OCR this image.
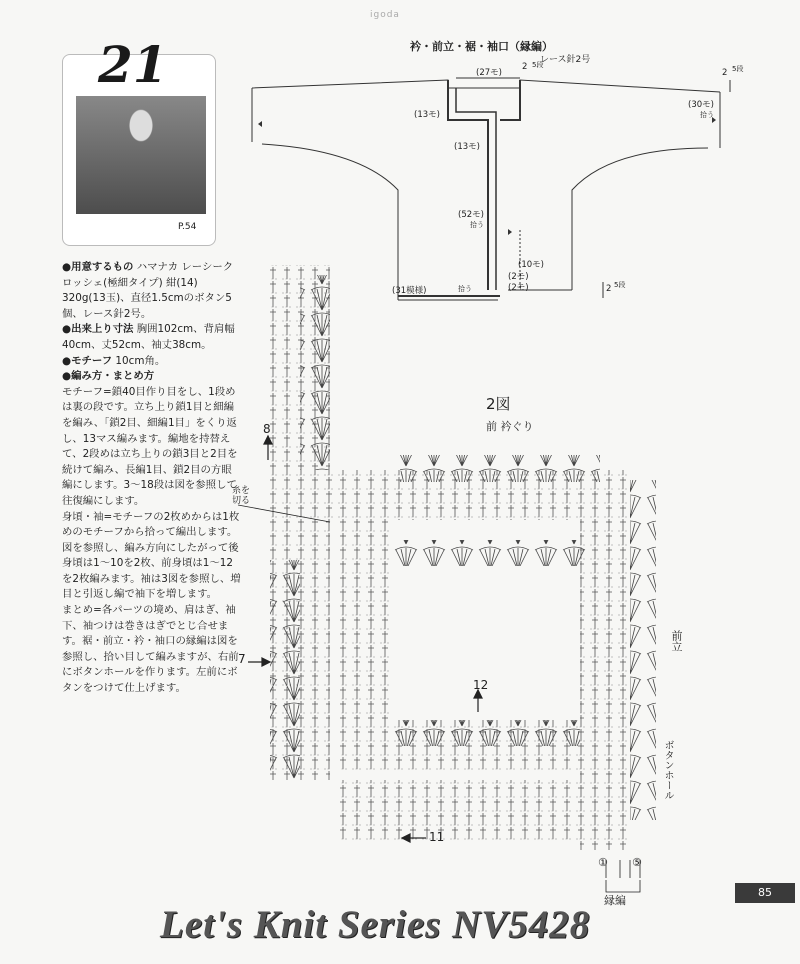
igoda
21
P.54

●用意するもの ハマナカ レーシークロッシェ(極細タイプ) 紺(14) 320g(13玉)、直径1.5cmのボタン5個、レース針2号。

●出来上り寸法 胸囲102cm、背肩幅40cm、丈52cm、袖丈38cm。

●モチーフ 10cm角。

●編み方・まとめ方

モチーフ=鎖40目作り目をし、1段めは裏の段です。立ち上り鎖1目と細編を編み、「鎖2目、細編1目」をくり返し、13マス編みます。編地を持替えて、2段めは立ち上りの鎖3目と2目を続けて編み、長編1目、鎖2目の方眼編にします。3〜18段は図を参照して往復編にします。

身頃・袖=モチーフの2枚めからは1枚めのモチーフから拾って編出します。図を参照し、編み方向にしたがって後身頃は1〜10を2枚、前身頃は1〜12を2枚編みます。袖は3図を参照し、増目と引返し編で袖下を増します。

まとめ=各パーツの境め、肩はぎ、袖下、袖つけは巻きはぎでとじ合せます。裾・前立・衿・袖口の縁編は図を参照し、拾い目して編みますが、右前にボタンホールを作ります。左前にボタンをつけて仕上げます。

衿・前立・裾・袖口（縁編）
レース針2号
(27モ)
2 5段
2 5段
(13モ)
(13モ)
(30モ)
拾う
(52モ)
拾う
(10モ)
(2モ)
(2モ)
(31模様)	拾う	2 5段
2図
前 衿ぐり
8
7
12
11
糸を切る
前立
ボタンホール
① ⑤
縁編
85
Let's Knit Series NV5428
